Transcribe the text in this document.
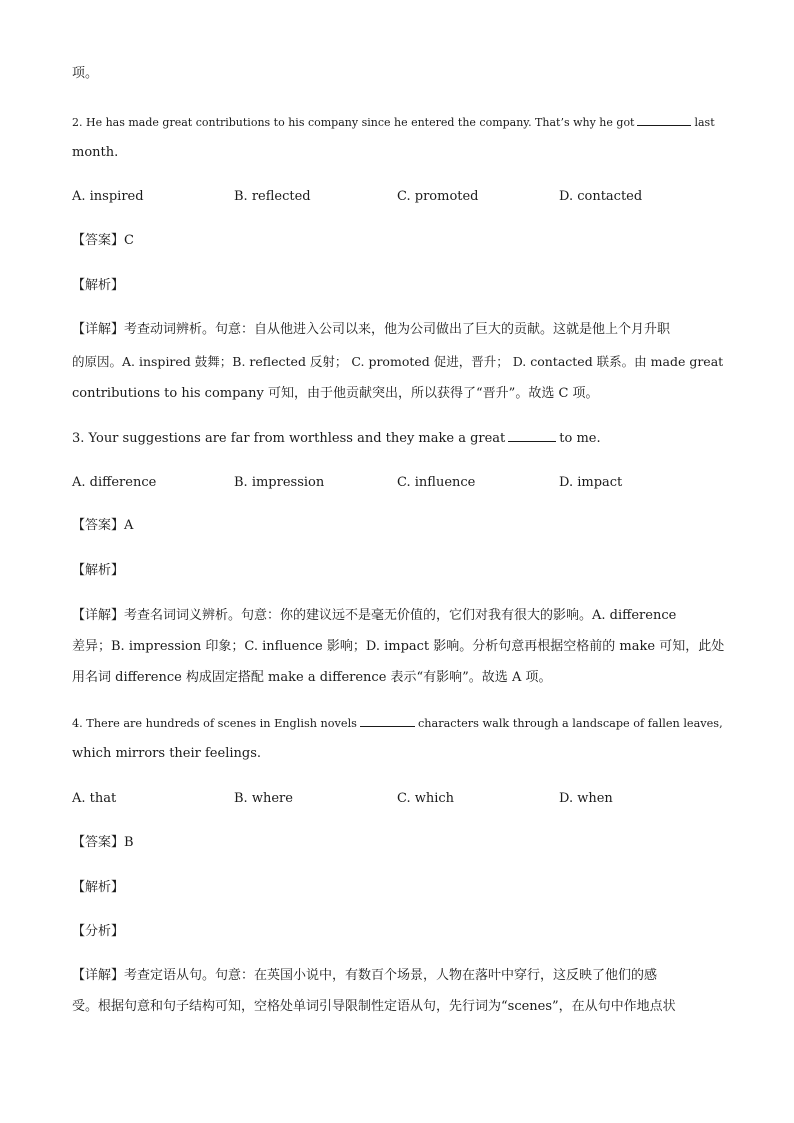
项。
2. He has made great contributions to his company since he entered the company. That’s why he got	last
month.
A. inspired	B. reflected	C. promoted	D. contacted
【答案】C
【解析】
【详解】考查动词辨析。句意：自从他进入公司以来，他为公司做出了巨大的贡献。这就是他上个月升职
的原因。A. inspired 鼓舞；B. reflected 反射； C. promoted 促进，晋升； D. contacted 联系。由 made great
contributions to his company 可知，由于他贡献突出，所以获得了“晋升”。故选 C 项。
3. Your suggestions are far from worthless and they make a great	to me.
A. difference	B. impression	C. influence	D. impact
【答案】A
【解析】
【详解】考查名词词义辨析。句意：你的建议远不是毫无价值的，它们对我有很大的影响。A. difference
差异；B. impression 印象；C. influence 影响；D. impact 影响。分析句意再根据空格前的 make 可知，此处
用名词 difference 构成固定搭配 make a difference 表示“有影响”。故选 A 项。
4. There are hundreds of scenes in English novels	characters walk through a landscape of fallen leaves,
which mirrors their feelings.
A. that	B. where	C. which	D. when
【答案】B
【解析】
【分析】
【详解】考查定语从句。句意：在英国小说中，有数百个场景，人物在落叶中穿行，这反映了他们的感
受。根据句意和句子结构可知，空格处单词引导限制性定语从句，先行词为“scenes”，在从句中作地点状
